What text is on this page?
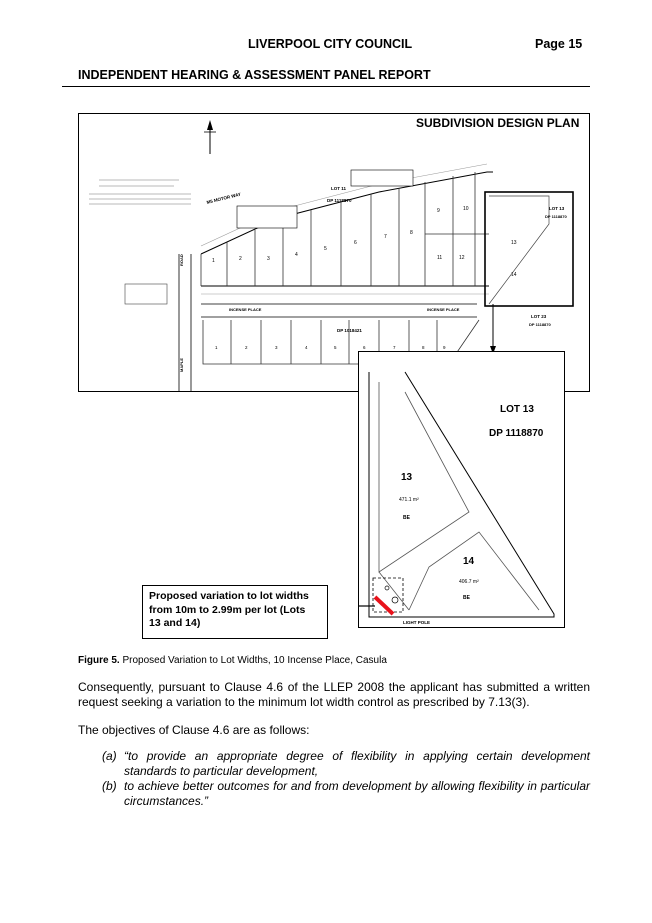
LIVERPOOL CITY COUNCIL	Page 15
INDEPENDENT HEARING & ASSESSMENT PANEL REPORT
1	2	3
4
5
6
7
8
9	10
11	12
13
14
M5 MOTOR WAY
LOT 11
DP 1118870
INCENSE PLACE	INCENSE PLACE
ROAD
MAPLE
1	2	3	4	5	6	7	8	9
DP 1018421
LOT 13
DP 1118870
LOT 23
DP 1118870
SUBDIVISION DESIGN PLAN
13
471.1 m²
BE
14
406.7 m²
BE
LIGHT POLE
LOT 13
DP 1118870
Proposed variation to lot widths
from 10m to 2.99m per lot (Lots
13 and 14)
Figure 5. Proposed Variation to Lot Widths, 10 Incense Place, Casula
Consequently, pursuant to Clause 4.6 of the LLEP 2008 the applicant has submitted a written request seeking a variation to the minimum lot width control as prescribed by 7.13(3).
The objectives of Clause 4.6 are as follows:
(a) “to provide an appropriate degree of flexibility in applying certain development standards to particular development,
(b) to achieve better outcomes for and from development by allowing flexibility in particular circumstances.”
